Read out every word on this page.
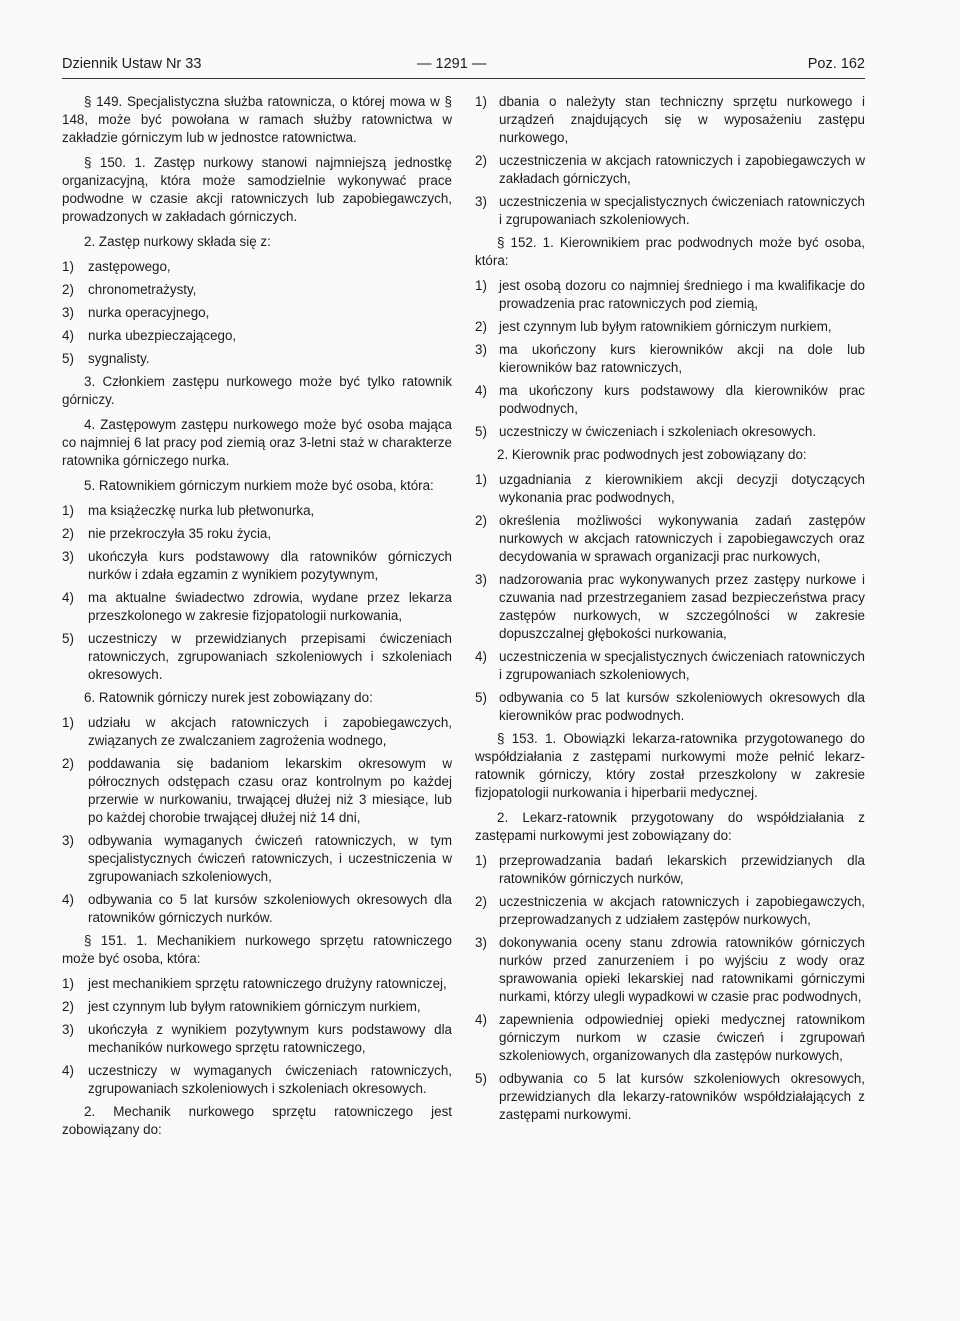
Dziennik Ustaw Nr 33	— 1291 —	Poz. 162

§ 149. Specjalistyczna służba ratownicza, o której mowa w § 148, może być powołana w ramach służby ratownictwa w zakładzie górniczym lub w jednostce ratownictwa.

§ 150. 1. Zastęp nurkowy stanowi najmniejszą jednostkę organizacyjną, która może samodzielnie wykonywać prace podwodne w czasie akcji ratowniczych lub zapobiegawczych, prowadzonych w zakładach górniczych.

2. Zastęp nurkowy składa się z:

1)	zastępowego,
2)	chronometrażysty,
3)	nurka operacyjnego,
4)	nurka ubezpieczającego,
5)	sygnalisty.

3. Członkiem zastępu nurkowego może być tylko ratownik górniczy.

4. Zastępowym zastępu nurkowego może być osoba mająca co najmniej 6 lat pracy pod ziemią oraz 3-letni staż w charakterze ratownika górniczego nurka.

5. Ratownikiem górniczym nurkiem może być osoba, która:

1)	ma książeczkę nurka lub płetwonurka,
2)	nie przekroczyła 35 roku życia,
3)	ukończyła kurs podstawowy dla ratowników górniczych nurków i zdała egzamin z wynikiem pozytywnym,
4)	ma aktualne świadectwo zdrowia, wydane przez lekarza przeszkolonego w zakresie fizjopatologii nurkowania,
5)	uczestniczy w przewidzianych przepisami ćwiczeniach ratowniczych, zgrupowaniach szkoleniowych i szkoleniach okresowych.

6. Ratownik górniczy nurek jest zobowiązany do:

1)	udziału w akcjach ratowniczych i zapobiegawczych, związanych ze zwalczaniem zagrożenia wodnego,
2)	poddawania się badaniom lekarskim okresowym w półrocznych odstępach czasu oraz kontrolnym po każdej przerwie w nurkowaniu, trwającej dłużej niż 3 miesiące, lub po każdej chorobie trwającej dłużej niż 14 dni,
3)	odbywania wymaganych ćwiczeń ratowniczych, w tym specjalistycznych ćwiczeń ratowniczych, i uczestniczenia w zgrupowaniach szkoleniowych,
4)	odbywania co 5 lat kursów szkoleniowych okresowych dla ratowników górniczych nurków.

§ 151. 1. Mechanikiem nurkowego sprzętu ratowniczego może być osoba, która:

1)	jest mechanikiem sprzętu ratowniczego drużyny ratowniczej,
2)	jest czynnym lub byłym ratownikiem górniczym nurkiem,
3)	ukończyła z wynikiem pozytywnym kurs podstawowy dla mechaników nurkowego sprzętu ratowniczego,
4)	uczestniczy w wymaganych ćwiczeniach ratowniczych, zgrupowaniach szkoleniowych i szkoleniach okresowych.

2. Mechanik nurkowego sprzętu ratowniczego jest zobowiązany do:

1) dbania o należyty stan techniczny sprzętu nurkowego i urządzeń znajdujących się w wyposażeniu zastępu nurkowego,
2) uczestniczenia w akcjach ratowniczych i zapobiegawczych w zakładach górniczych,
3) uczestniczenia w specjalistycznych ćwiczeniach ratowniczych i zgrupowaniach szkoleniowych.

§ 152. 1. Kierownikiem prac podwodnych może być osoba, która:

1) jest osobą dozoru co najmniej średniego i ma kwalifikacje do prowadzenia prac ratowniczych pod ziemią,
2) jest czynnym lub byłym ratownikiem górniczym nurkiem,
3) ma ukończony kurs kierowników akcji na dole lub kierowników baz ratowniczych,
4) ma ukończony kurs podstawowy dla kierowników prac podwodnych,
5) uczestniczy w ćwiczeniach i szkoleniach okresowych.

2. Kierownik prac podwodnych jest zobowiązany do:

1) uzgadniania z kierownikiem akcji decyzji dotyczących wykonania prac podwodnych,
2) określenia możliwości wykonywania zadań zastępów nurkowych w akcjach ratowniczych i zapobiegawczych oraz decydowania w sprawach organizacji prac nurkowych,
3) nadzorowania prac wykonywanych przez zastępy nurkowe i czuwania nad przestrzeganiem zasad bezpieczeństwa pracy zastępów nurkowych, w szczególności w zakresie dopuszczalnej głębokości nurkowania,
4) uczestniczenia w specjalistycznych ćwiczeniach ratowniczych i zgrupowaniach szkoleniowych,
5) odbywania co 5 lat kursów szkoleniowych okresowych dla kierowników prac podwodnych.

§ 153. 1. Obowiązki lekarza-ratownika przygotowanego do współdziałania z zastępami nurkowymi może pełnić lekarz-ratownik górniczy, który został przeszkolony w zakresie fizjopatologii nurkowania i hiperbarii medycznej.

2. Lekarz-ratownik przygotowany do współdziałania z zastępami nurkowymi jest zobowiązany do:

1) przeprowadzania badań lekarskich przewidzianych dla ratowników górniczych nurków,
2) uczestniczenia w akcjach ratowniczych i zapobiegawczych, przeprowadzanych z udziałem zastępów nurkowych,
3) dokonywania oceny stanu zdrowia ratowników górniczych nurków przed zanurzeniem i po wyjściu z wody oraz sprawowania opieki lekarskiej nad ratownikami górniczymi nurkami, którzy ulegli wypadkowi w czasie prac podwodnych,
4) zapewnienia odpowiedniej opieki medycznej ratownikom górniczym nurkom w czasie ćwiczeń i zgrupowań szkoleniowych, organizowanych dla zastępów nurkowych,
5) odbywania co 5 lat kursów szkoleniowych okresowych, przewidzianych dla lekarzy-ratowników współdziałających z zastępami nurkowymi.
